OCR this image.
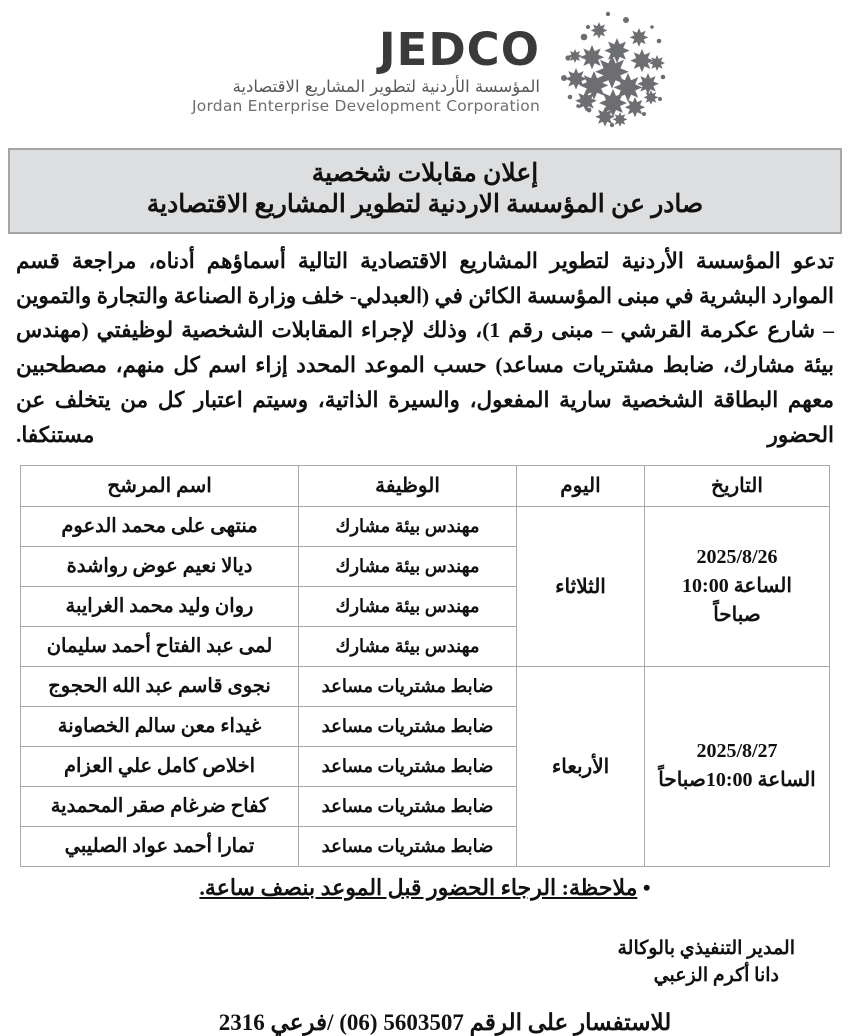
JEDCO
المؤسسة الأردنية لتطوير المشاريع الاقتصادية
Jordan Enterprise Development Corporation
إعلان مقابلات شخصية
صادر عن المؤسسة الاردنية لتطوير المشاريع الاقتصادية
تدعو المؤسسة الأردنية لتطوير المشاريع الاقتصادية التالية أسماؤهم أدناه، مراجعة قسم الموارد البشرية في مبنى المؤسسة الكائن في (العبدلي- خلف وزارة الصناعة والتجارة والتموين – شارع عكرمة القرشي – مبنى رقم 1)، وذلك لإجراء المقابلات الشخصية لوظيفتي (مهندس بيئة مشارك، ضابط مشتريات مساعد) حسب الموعد المحدد إزاء اسم كل منهم، مصطحبين معهم البطاقة الشخصية سارية المفعول، والسيرة الذاتية، وسيتم اعتبار كل من يتخلف عن الحضور مستنكفا.
التاريخ	اليوم	الوظيفة	اسم المرشح

2025/8/26
الساعة 10:00
صباحاً	الثلاثاء	مهندس بيئة مشارك	منتهى على محمد الدعوم
		مهندس بيئة مشارك	ديالا نعيم عوض رواشدة
		مهندس بيئة مشارك	روان وليد محمد الغرايبة
		مهندس بيئة مشارك	لمى عبد الفتاح أحمد سليمان

2025/8/27
الساعة 10:00صباحاً	الأربعاء	ضابط مشتريات مساعد	نجوى قاسم عبد الله الحجوج
		ضابط مشتريات مساعد	غيداء معن سالم الخصاونة
		ضابط مشتريات مساعد	اخلاص كامل علي العزام
		ضابط مشتريات مساعد	كفاح ضرغام صقر المحمدية
		ضابط مشتريات مساعد	تمارا أحمد عواد الصليبي
• ملاحظة: الرجاء الحضور قبل الموعد بنصف ساعة.
المدير التنفيذي بالوكالة
دانا أكرم الزعبي
للاستفسار على الرقم 5603507 (06) /فرعي 2316
